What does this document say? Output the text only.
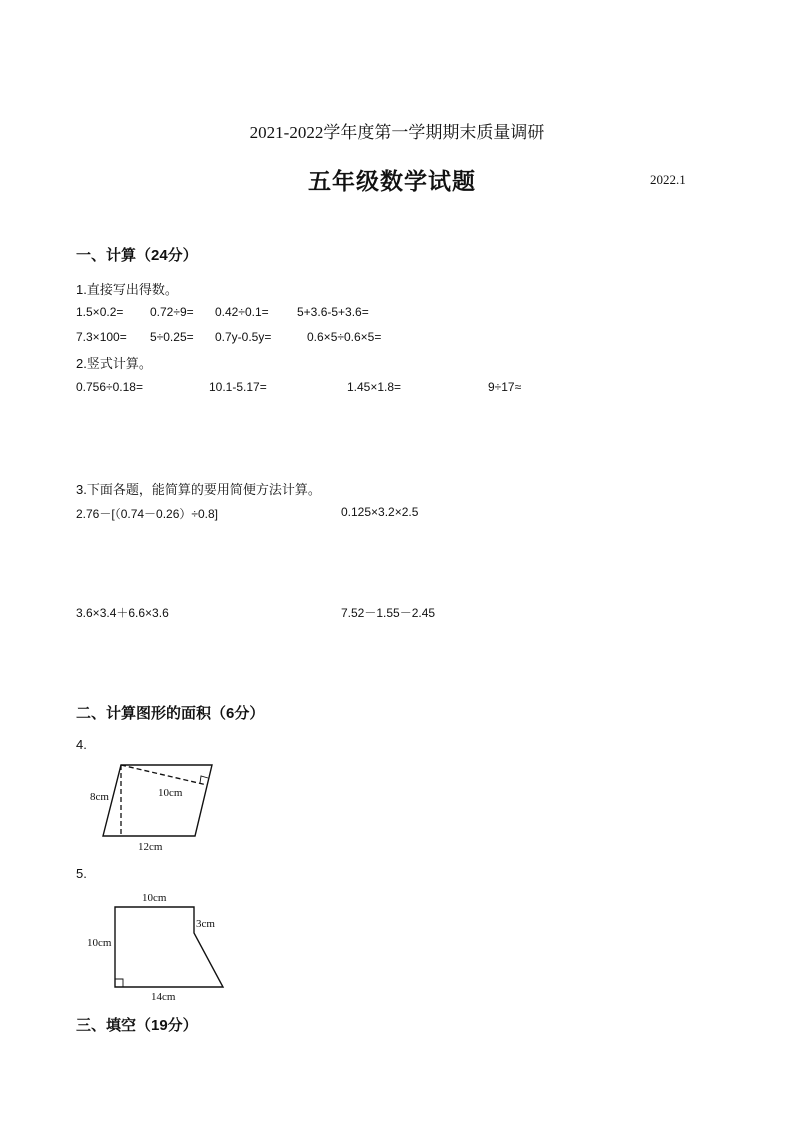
2021-2022学年度第一学期期末质量调研
五年级数学试题	2022.1
一、计算（24分）
1.直接写出得数。
1.5×0.2= 0.72÷9= 0.42÷0.1= 5+3.6-5+3.6=
7.3×100= 5÷0.25= 0.7y-0.5y=	0.6×5÷0.6×5=
2.竖式计算。
0.756÷0.18=	10.1-5.17=	1.45×1.8=	9÷17≈
3.下面各题，能简算的要用简便方法计算。
2.76－[（0.74－0.26）÷0.8]	0.125×3.2×2.5
3.6×3.4＋6.6×3.6	7.52－1.55－2.45
二、计算图形的面积（6分）
4.
8cm	10cm
12cm
5.
10cm
10cm
3cm
14cm
三、填空（19分）
